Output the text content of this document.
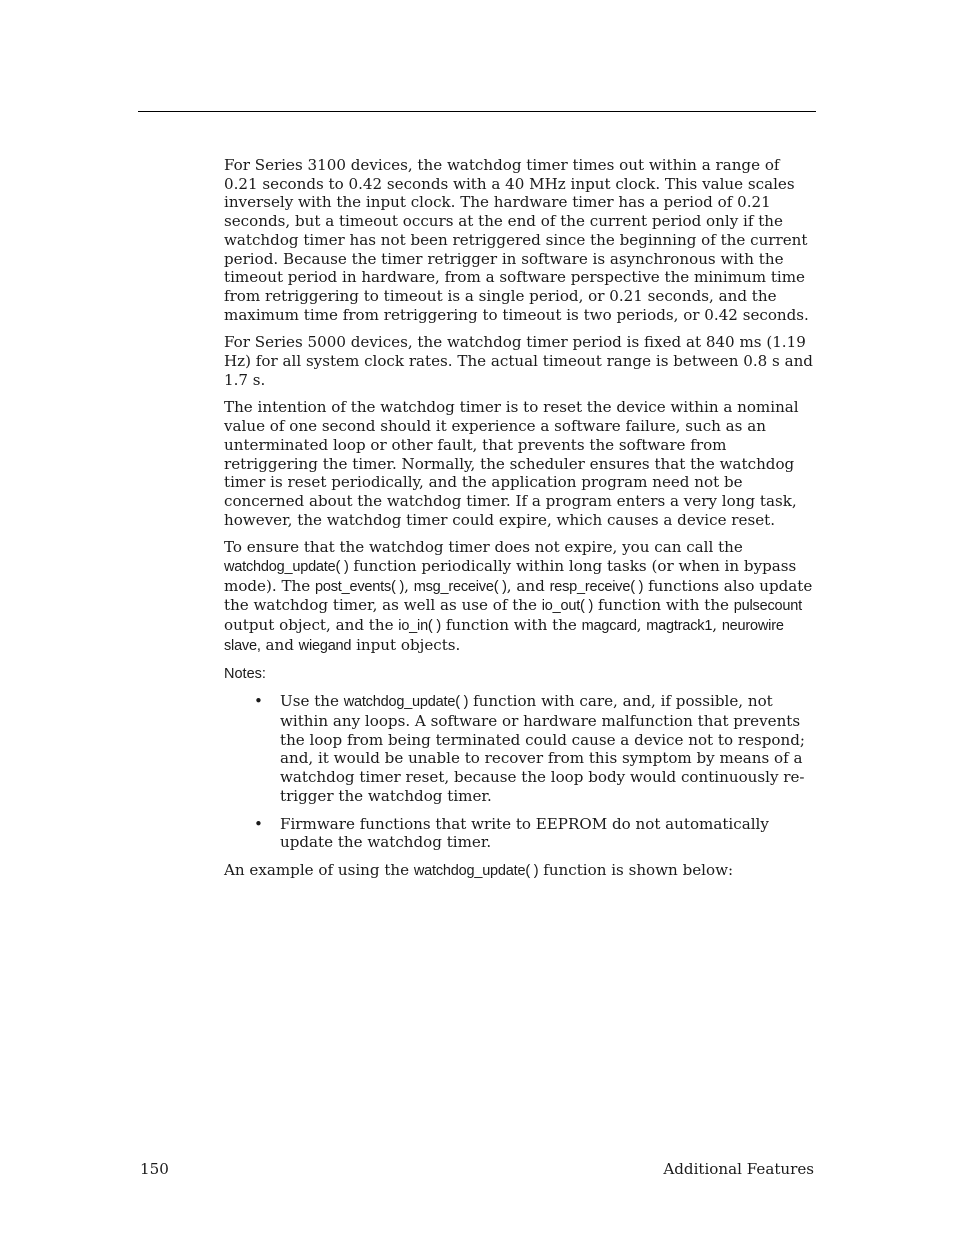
For Series 3100 devices, the watchdog timer times out within a range of 0.21 seconds to 0.42 seconds with a 40 MHz input clock. This value scales inversely with the input clock. The hardware timer has a period of 0.21 seconds, but a timeout occurs at the end of the current period only if the watchdog timer has not been retriggered since the beginning of the current period. Because the timer retrigger in software is asynchronous with the timeout period in hardware, from a software perspective the minimum time from retriggering to timeout is a single period, or 0.21 seconds, and the maximum time from retriggering to timeout is two periods, or 0.42 seconds.

For Series 5000 devices, the watchdog timer period is fixed at 840 ms (1.19 Hz) for all system clock rates. The actual timeout range is between 0.8 s and 1.7 s.

The intention of the watchdog timer is to reset the device within a nominal value of one second should it experience a software failure, such as an unterminated loop or other fault, that prevents the software from retriggering the timer. Normally, the scheduler ensures that the watchdog timer is reset periodically, and the application program need not be concerned about the watchdog timer. If a program enters a very long task, however, the watchdog timer could expire, which causes a device reset.

To ensure that the watchdog timer does not expire, you can call the watchdog_update( ) function periodically within long tasks (or when in bypass mode). The post_events( ), msg_receive( ), and resp_receive( ) functions also update the watchdog timer, as well as use of the io_out( ) function with the pulsecount output object, and the io_in( ) function with the magcard, magtrack1, neurowire slave, and wiegand input objects.

Notes:
• Use the watchdog_update( ) function with care, and, if possible, not within any loops. A software or hardware malfunction that prevents the loop from being terminated could cause a device not to respond; and, it would be unable to recover from this symptom by means of a watchdog timer reset, because the loop body would continuously re-trigger the watchdog timer.
• Firmware functions that write to EEPROM do not automatically update the watchdog timer.

An example of using the watchdog_update( ) function is shown below:

150	Additional Features
